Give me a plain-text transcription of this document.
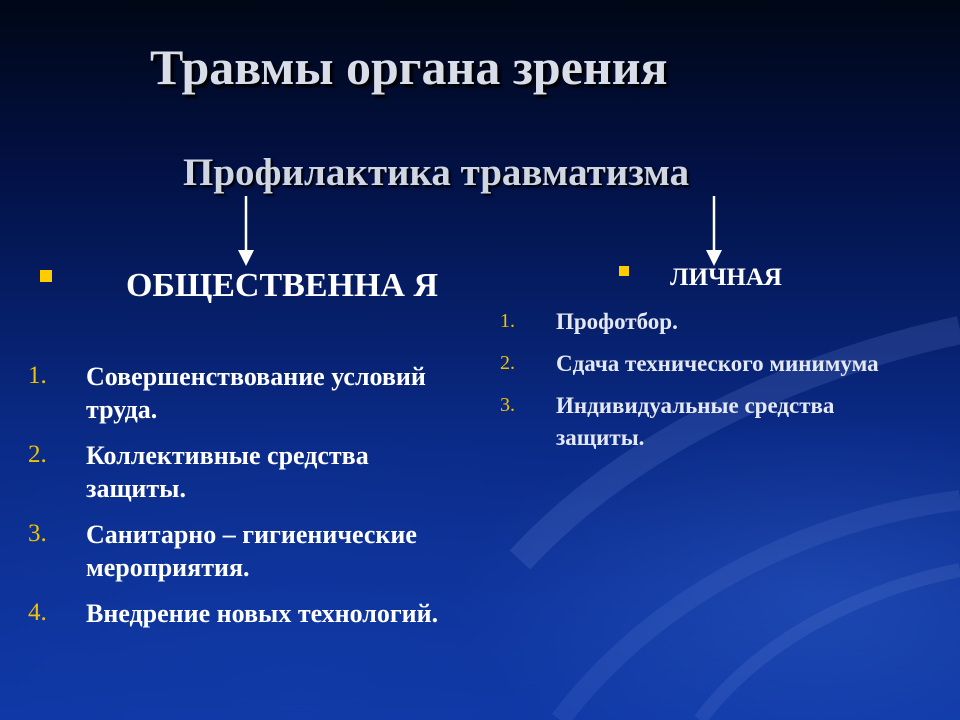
Травмы органа зрения
Профилактика травматизма
ОБЩЕСТВЕННА Я
1. Совершенствование условий труда.
2. Коллективные средства защиты.
3. Санитарно – гигиенические мероприятия.
4. Внедрение новых технологий.
ЛИЧНАЯ
1. Профотбор.
2. Сдача технического минимума
3. Индивидуальные средства защиты.
